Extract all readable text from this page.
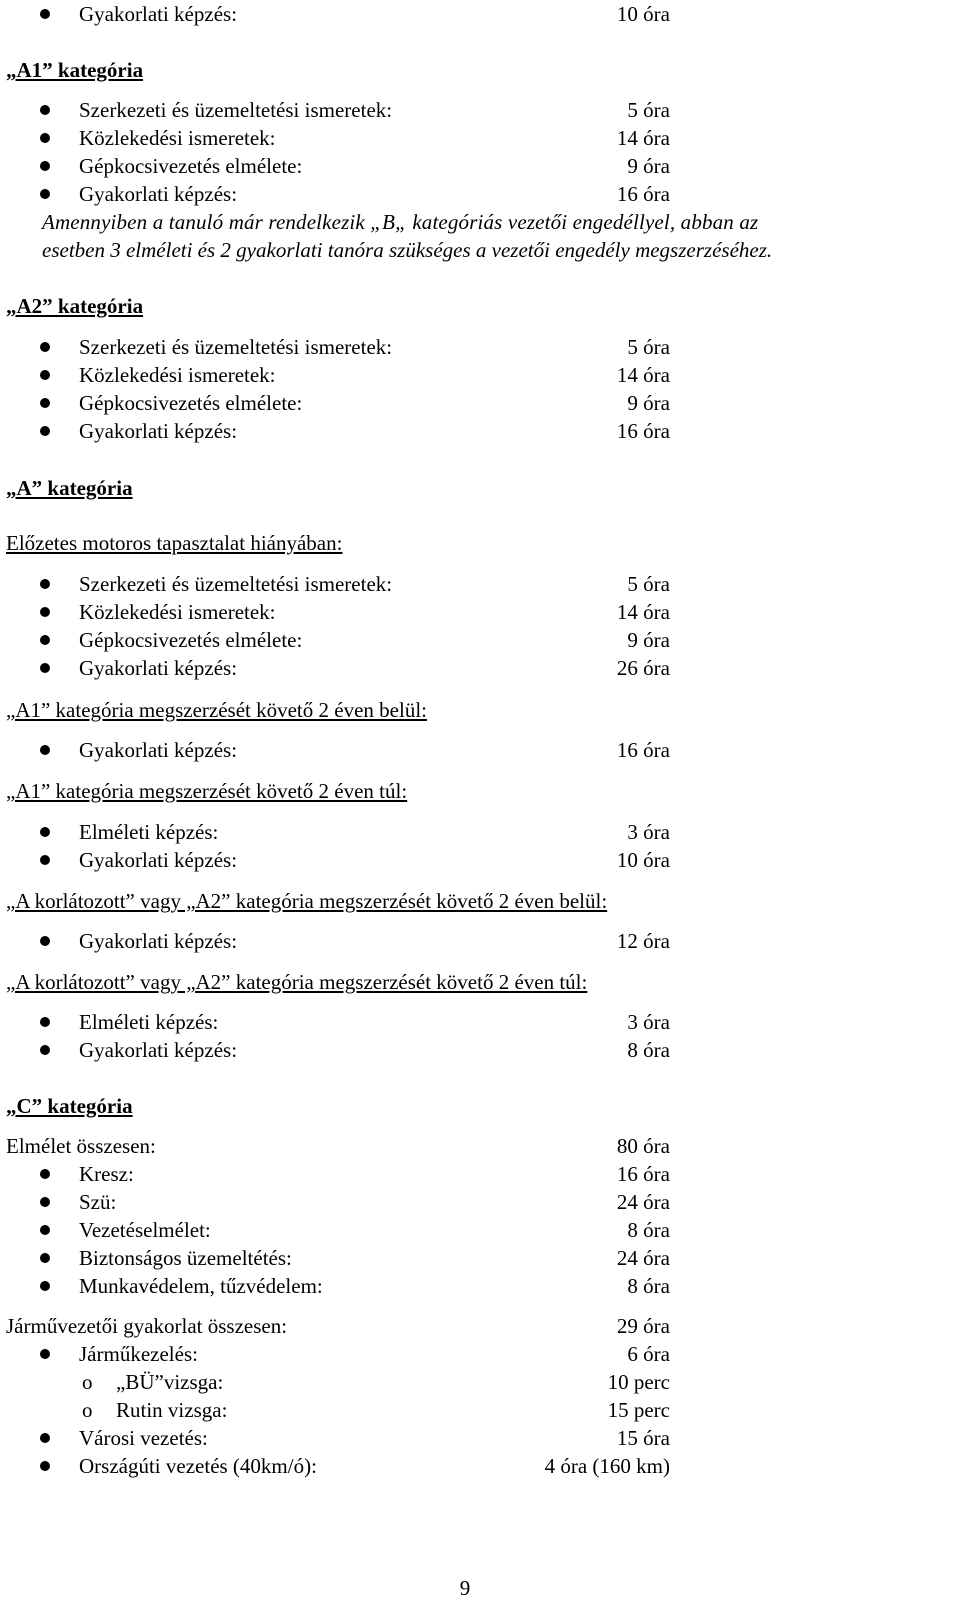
Gyakorlati képzés:	10 óra
„A1” kategória
Szerkezeti és üzemeltetési ismeretek:	5 óra
Közlekedési ismeretek:	14 óra
Gépkocsivezetés elmélete:	9 óra
Gyakorlati képzés:	16 óra
Amennyiben a tanuló már rendelkezik „B„ kategóriás vezetői engedéllyel, abban az
esetben 3 elméleti és 2 gyakorlati tanóra szükséges a vezetői engedély megszerzéséhez.
„A2” kategória
Szerkezeti és üzemeltetési ismeretek:	5 óra
Közlekedési ismeretek:	14 óra
Gépkocsivezetés elmélete:	9 óra
Gyakorlati képzés:	16 óra
„A” kategória
Előzetes motoros tapasztalat hiányában:
Szerkezeti és üzemeltetési ismeretek:	5 óra
Közlekedési ismeretek:	14 óra
Gépkocsivezetés elmélete:	9 óra
Gyakorlati képzés:	26 óra
„A1” kategória megszerzését követő 2 éven belül:
Gyakorlati képzés:	16 óra
„A1” kategória megszerzését követő 2 éven túl:
Elméleti képzés:	3 óra
Gyakorlati képzés:	10 óra
„A korlátozott” vagy „A2” kategória megszerzését követő 2 éven belül:
Gyakorlati képzés:	12 óra
„A korlátozott” vagy „A2” kategória megszerzését követő 2 éven túl:
Elméleti képzés:	3 óra
Gyakorlati képzés:	8 óra
„C” kategória
Elmélet összesen:	80 óra
Kresz:	16 óra
Szü:	24 óra
Vezetéselmélet:	8 óra
Biztonságos üzemeltétés:	24 óra
Munkavédelem, tűzvédelem:	8 óra
Járművezetői gyakorlat összesen:	29 óra
Járműkezelés:	6 óra
o „BÜ”vizsga:	10 perc
o Rutin vizsga:	15 perc
Városi vezetés:	15 óra
Országúti vezetés (40km/ó):	4 óra (160 km)
9
